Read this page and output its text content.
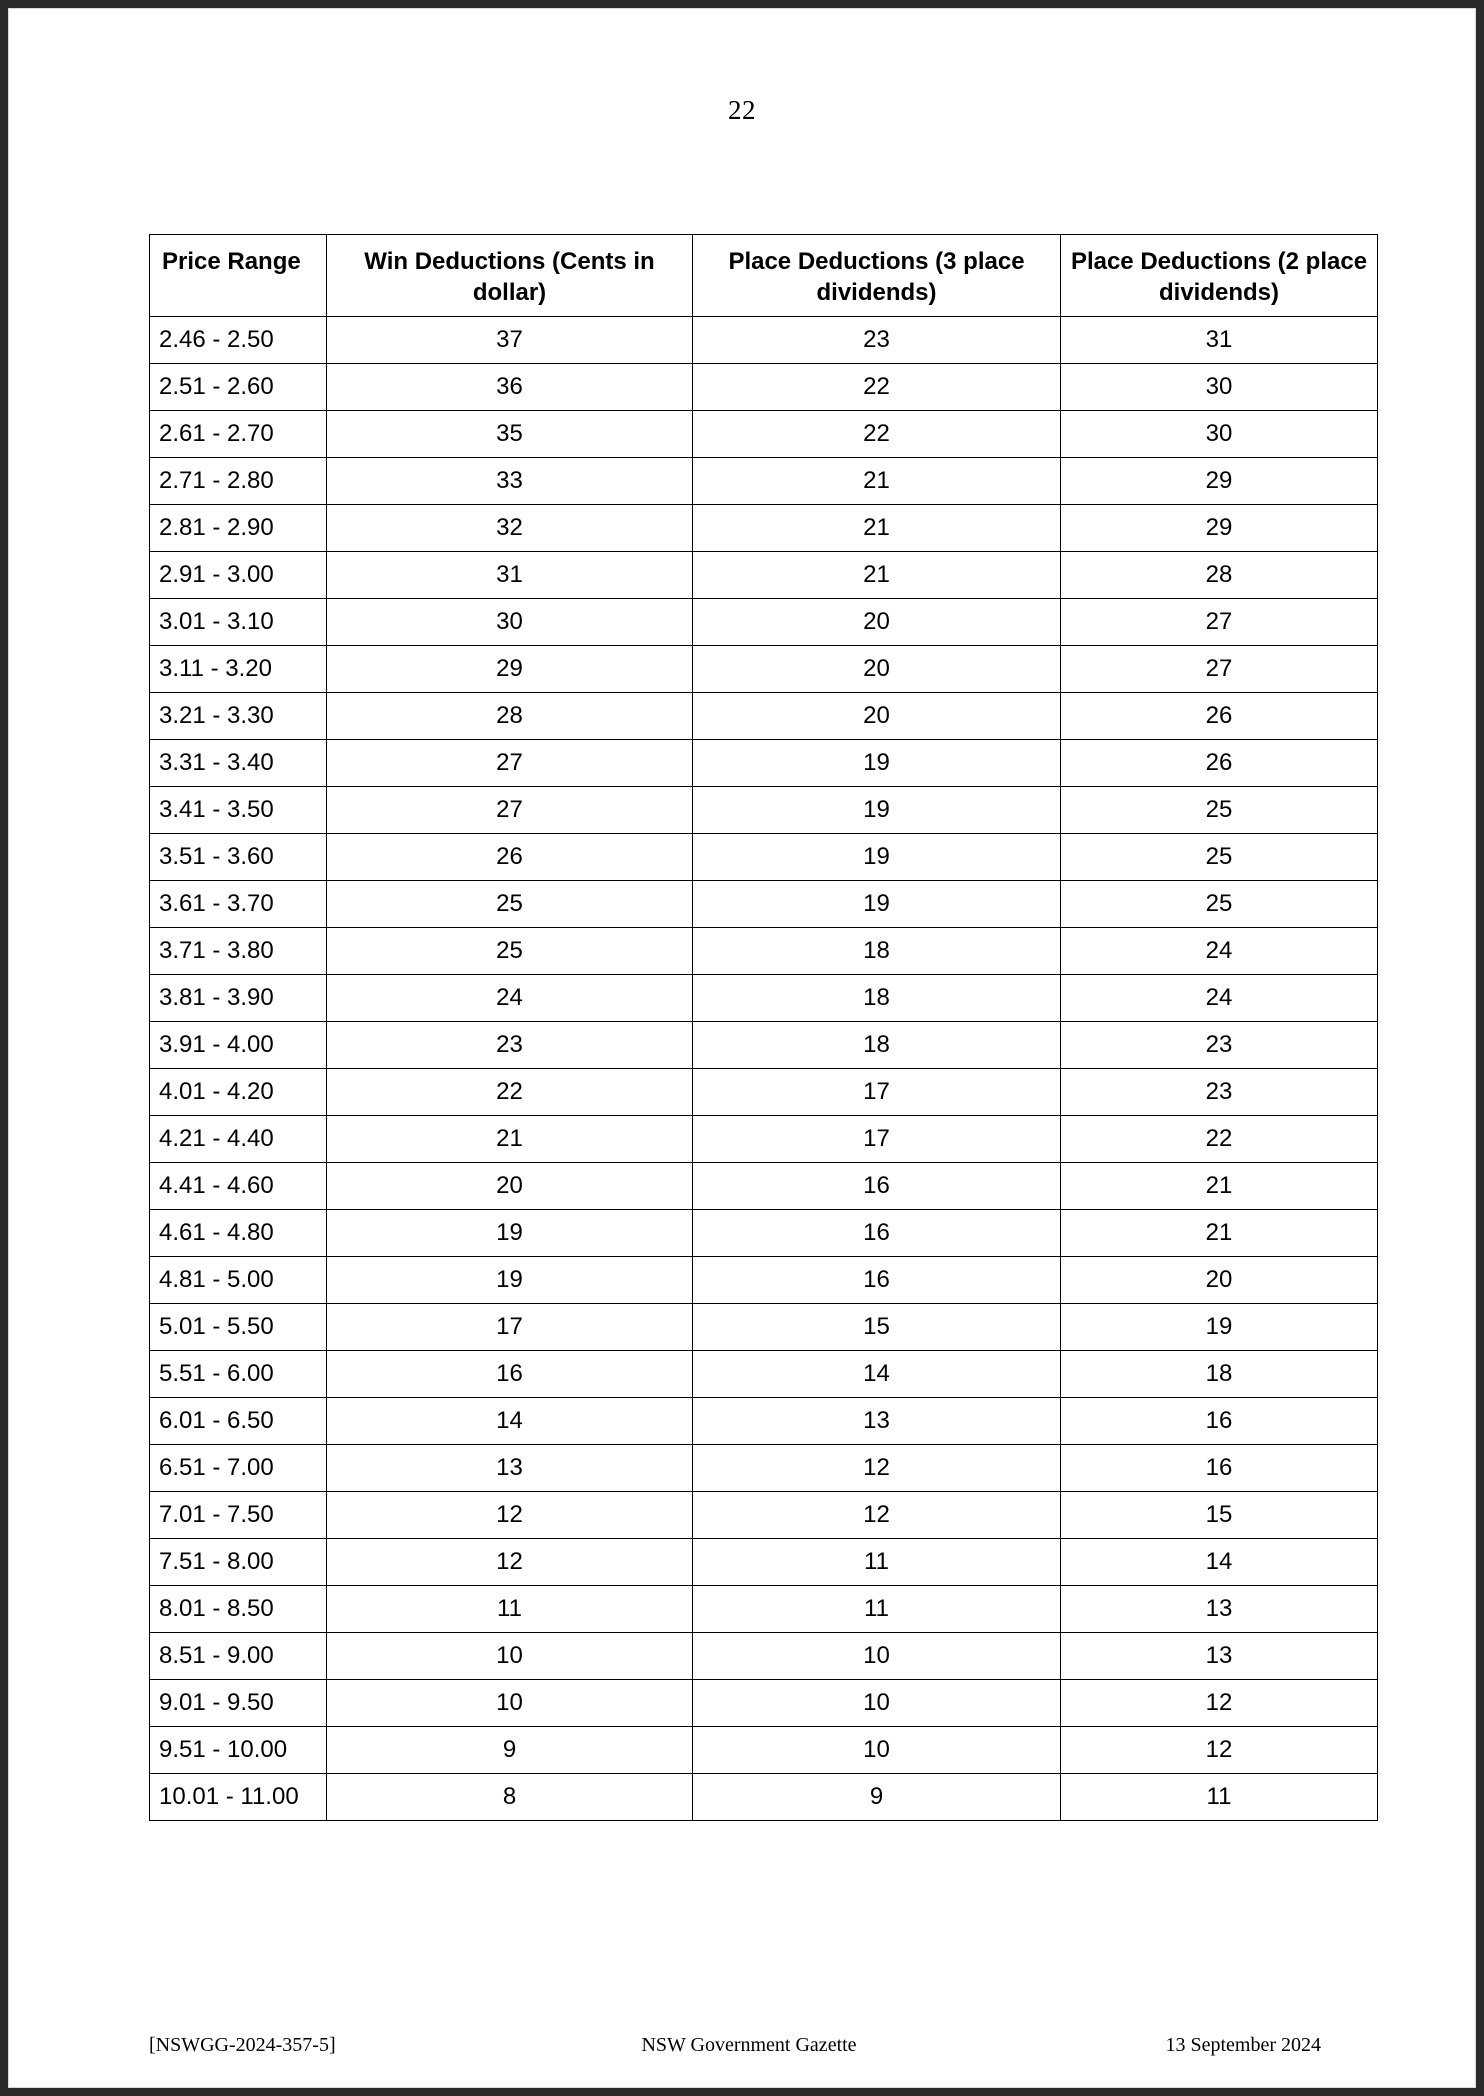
22
Price Range	Win Deductions (Cents in dollar)	Place Deductions (3 place dividends)	Place Deductions (2 place dividends)
2.46 - 2.50	37	23	31
2.51 - 2.60	36	22	30
2.61 - 2.70	35	22	30
2.71 - 2.80	33	21	29
2.81 - 2.90	32	21	29
2.91 - 3.00	31	21	28
3.01 - 3.10	30	20	27
3.11 - 3.20	29	20	27
3.21 - 3.30	28	20	26
3.31 - 3.40	27	19	26
3.41 - 3.50	27	19	25
3.51 - 3.60	26	19	25
3.61 - 3.70	25	19	25
3.71 - 3.80	25	18	24
3.81 - 3.90	24	18	24
3.91 - 4.00	23	18	23
4.01 - 4.20	22	17	23
4.21 - 4.40	21	17	22
4.41 - 4.60	20	16	21
4.61 - 4.80	19	16	21
4.81 - 5.00	19	16	20
5.01 - 5.50	17	15	19
5.51 - 6.00	16	14	18
6.01 - 6.50	14	13	16
6.51 - 7.00	13	12	16
7.01 - 7.50	12	12	15
7.51 - 8.00	12	11	14
8.01 - 8.50	11	11	13
8.51 - 9.00	10	10	13
9.01 - 9.50	10	10	12
9.51 - 10.00	9	10	12
10.01 - 11.00	8	9	11
[NSWGG-2024-357-5]	NSW Government Gazette	13 September 2024
